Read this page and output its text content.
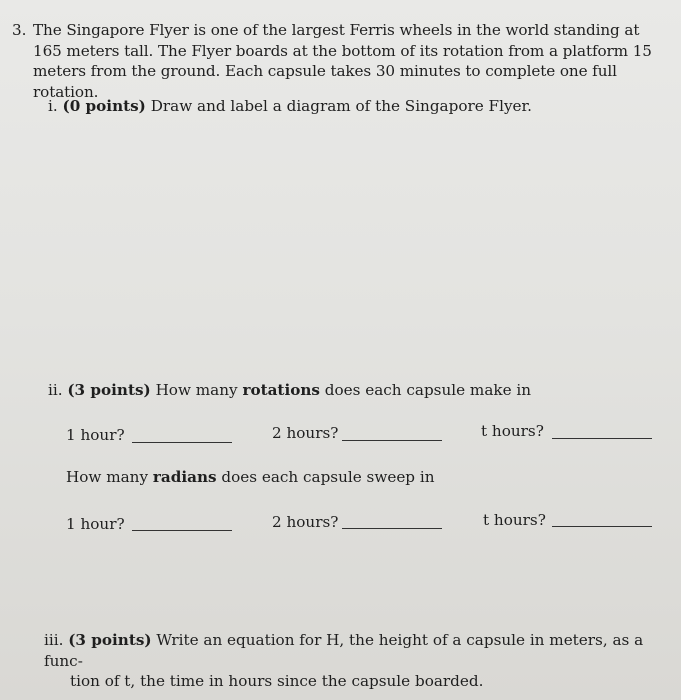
3. The Singapore Flyer is one of the largest Ferris wheels in the world standing at 165 meters tall. The Flyer boards at the bottom of its rotation from a platform 15 meters from the ground. Each capsule takes 30 minutes to complete one full rotation.
i. (0 points) Draw and label a diagram of the Singapore Flyer.
ii. (3 points) How many rotations does each capsule make in
1 hour?	2 hours?	t hours?
How many radians does each capsule sweep in
1 hour?	2 hours?	t hours?
iii. (3 points) Write an equation for H, the height of a capsule in meters, as a func-
tion of t, the time in hours since the capsule boarded.
